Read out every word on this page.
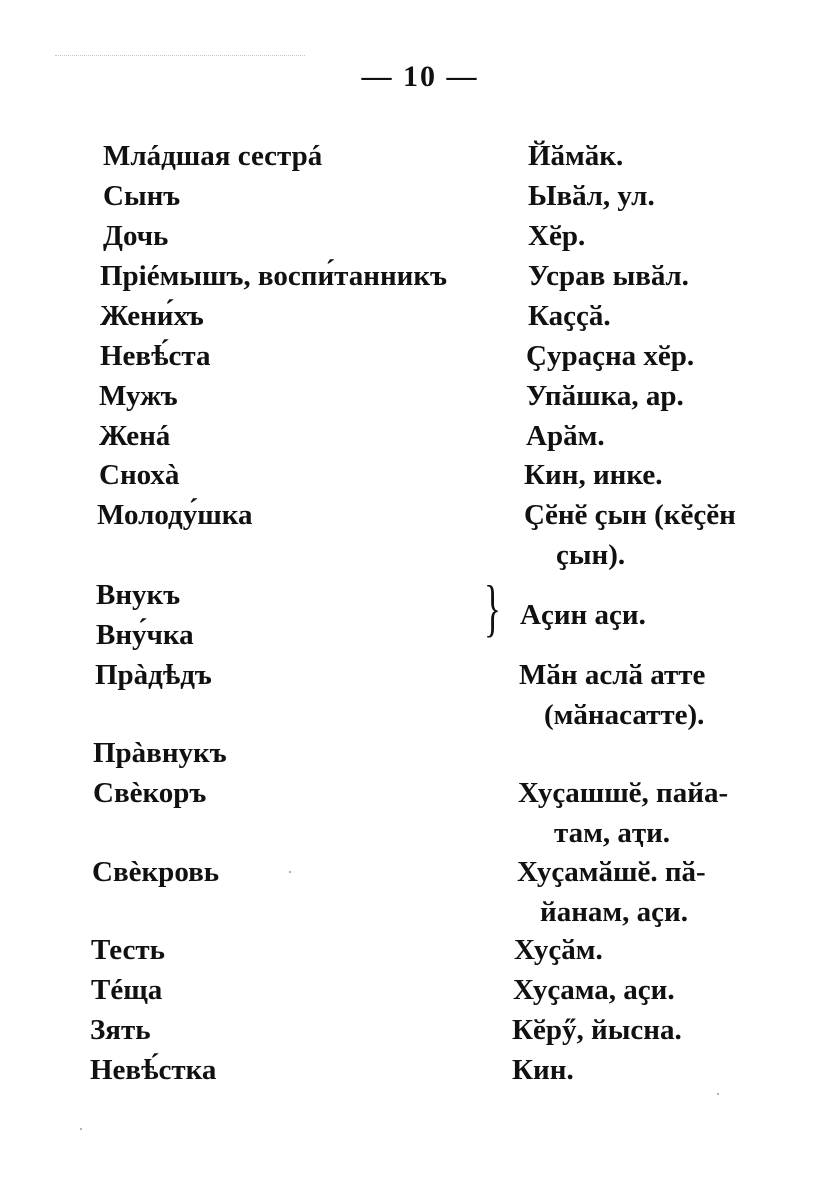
— 10 —
Млáдшая сестрá
Сынъ
Дочь
Пріéмышъ, воспи́танникъ
Жени́хъ
Невѣ́ста
Мужъ
Женá
Снохà
Молоду́шка
Внукъ
Вну́чка
Прàдѣдъ
Прàвнукъ
Свѐкоръ
Свѐкровь
Тесть
Тéща
Зять
Невѣ́стка
Йӑмӑк.
Ывӑл, ул.
Хӗр.
Усрав ывӑл.
Каҫҫӑ.
Ҫураҫна хӗр.
Упӑшка, ар.
Арӑм.
Кин, инке.
Ҫӗнӗ ҫын (кӗҫӗн
ҫын).
} Аҫин аҫи.
Мӑн аслӑ атте
(мӑнасатте).
Хуҫашшӗ, пайа-
там, аҭи.
Хуҫамӑшӗ. пӑ-
йанам, аҫи.
Хуҫӑм.
Хуҫама, аҫи.
Кӗрӳ, йысна.
Кин.
